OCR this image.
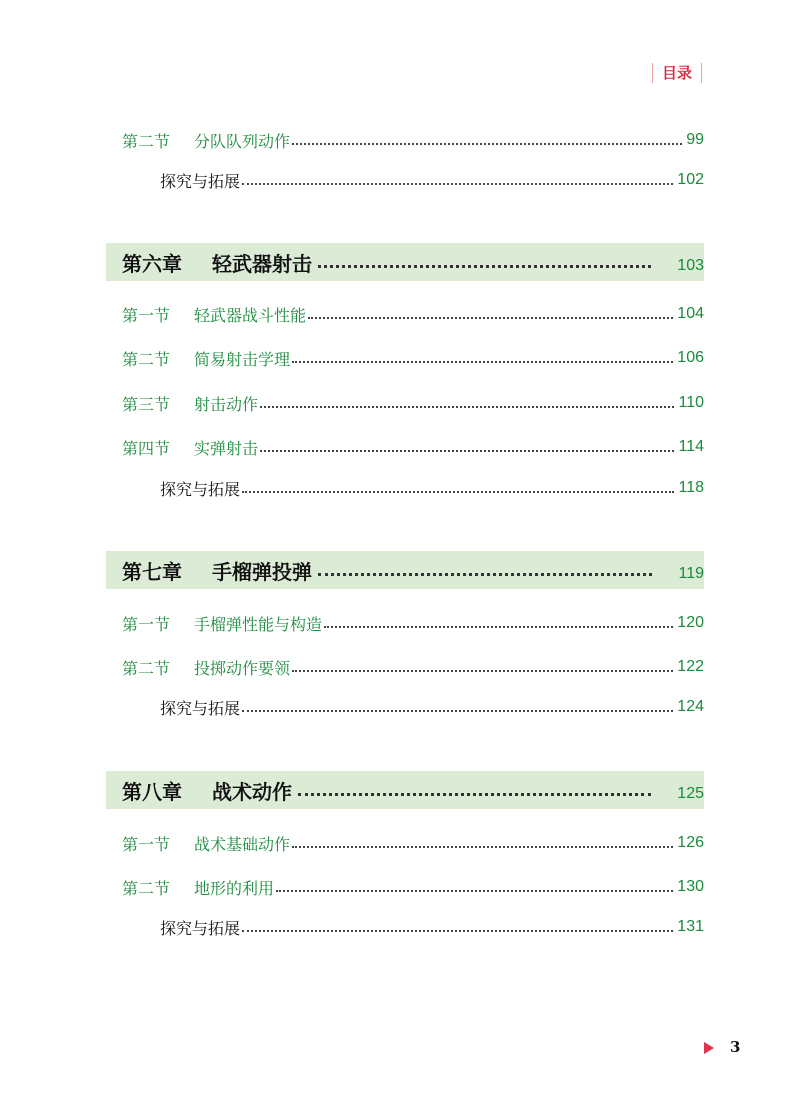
目录
第二节	分队队列动作	99
探究与拓展	102
第六章	轻武器射击	103
第一节	轻武器战斗性能	104
第二节	简易射击学理	106
第三节	射击动作	110
第四节	实弹射击	114
探究与拓展	118
第七章	手榴弹投弹	119
第一节	手榴弹性能与构造	120
第二节	投掷动作要领	122
探究与拓展	124
第八章	战术动作	125
第一节	战术基础动作	126
第二节	地形的利用	130
探究与拓展	131
3
